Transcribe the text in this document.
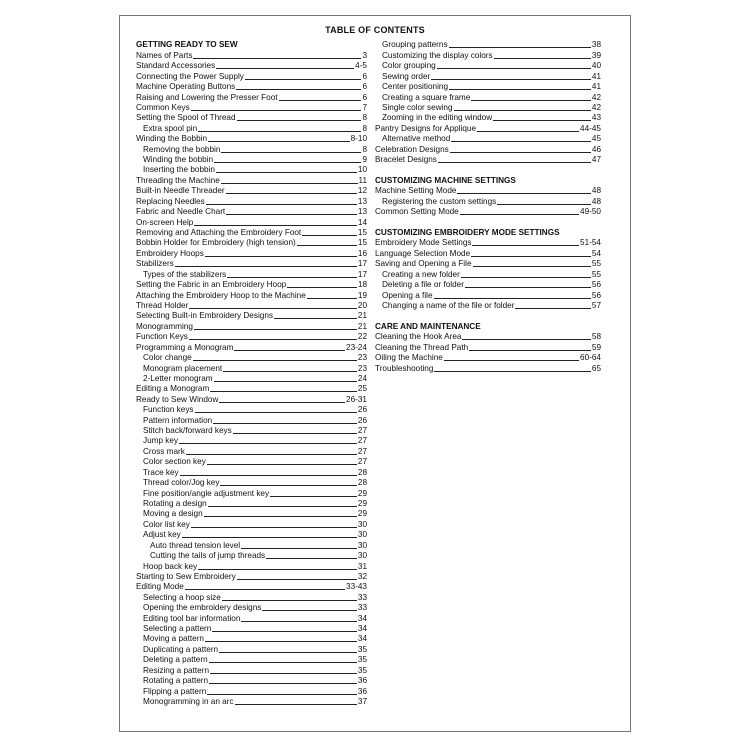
TABLE OF CONTENTS
GETTING READY TO SEW
Names of Parts	3
Standard Accessories	4-5
Connecting the Power Supply	6
Machine Operating Buttons	6
Raising and Lowering the Presser Foot	6
Common Keys	7
Setting the Spool of Thread	8
Extra spool pin	8
Winding the Bobbin	8-10
Removing the bobbin	8
Winding the bobbin	9
Inserting the bobbin	10
Threading the Machine	11
Built-in Needle Threader	12
Replacing Needles	13
Fabric and Needle Chart	13
On-screen Help	14
Removing and Attaching the Embroidery Foot	15
Bobbin Holder for Embroidery (high tension)	15
Embroidery Hoops	16
Stabilizers	17
Types of the stabilizers	17
Setting the Fabric in an Embroidery Hoop	18
Attaching the Embroidery Hoop to the Machine	19
Thread Holder	20
Selecting Built-in Embroidery Designs	21
Monogramming	21
Function Keys	22
Programming a Monogram	23-24
Color change	23
Monogram placement	23
2-Letter monogram	24
Editing a Monogram	25
Ready to Sew Window	26-31
Function keys	26
Pattern information	26
Stitch back/forward keys	27
Jump key	27
Cross mark	27
Color section key	27
Trace key	28
Thread color/Jog key	28
Fine position/angle adjustment key	29
Rotating a design	29
Moving a design	29
Color list key	30
Adjust key	30
Auto thread tension level	30
Cutting the tails of jump threads	30
Hoop back key	31
Starting to Sew Embroidery	32
Editing Mode	33-43
Selecting a hoop size	33
Opening the embroidery designs	33
Editing tool bar information	34
Selecting a pattern	34
Moving a pattern	34
Duplicating a pattern	35
Deleting a pattern	35
Resizing a pattern	35
Rotating a pattern	36
Flipping a pattern	36
Monogramming in an arc	37
Grouping patterns	38
Customizing the display colors	39
Color grouping	40
Sewing order	41
Center positioning	41
Creating a square frame	42
Single color sewing	42
Zooming in the editing window	43
Pantry Designs for Applique	44-45
Alternative method	45
Celebration Designs	46
Bracelet Designs	47
CUSTOMIZING MACHINE SETTINGS
Machine Setting Mode	48
Registering the custom settings	48
Common Setting Mode	49-50
CUSTOMIZING EMBROIDERY MODE SETTINGS
Embroidery Mode Settings	51-54
Language Selection Mode	54
Saving and Opening a File	55
Creating a new folder	55
Deleting a file or folder	56
Opening a file	56
Changing a name of the file or folder	57
CARE AND MAINTENANCE
Cleaning the Hook Area	58
Cleaning the Thread Path	59
Oiling the Machine	60-64
Troubleshooting	65
